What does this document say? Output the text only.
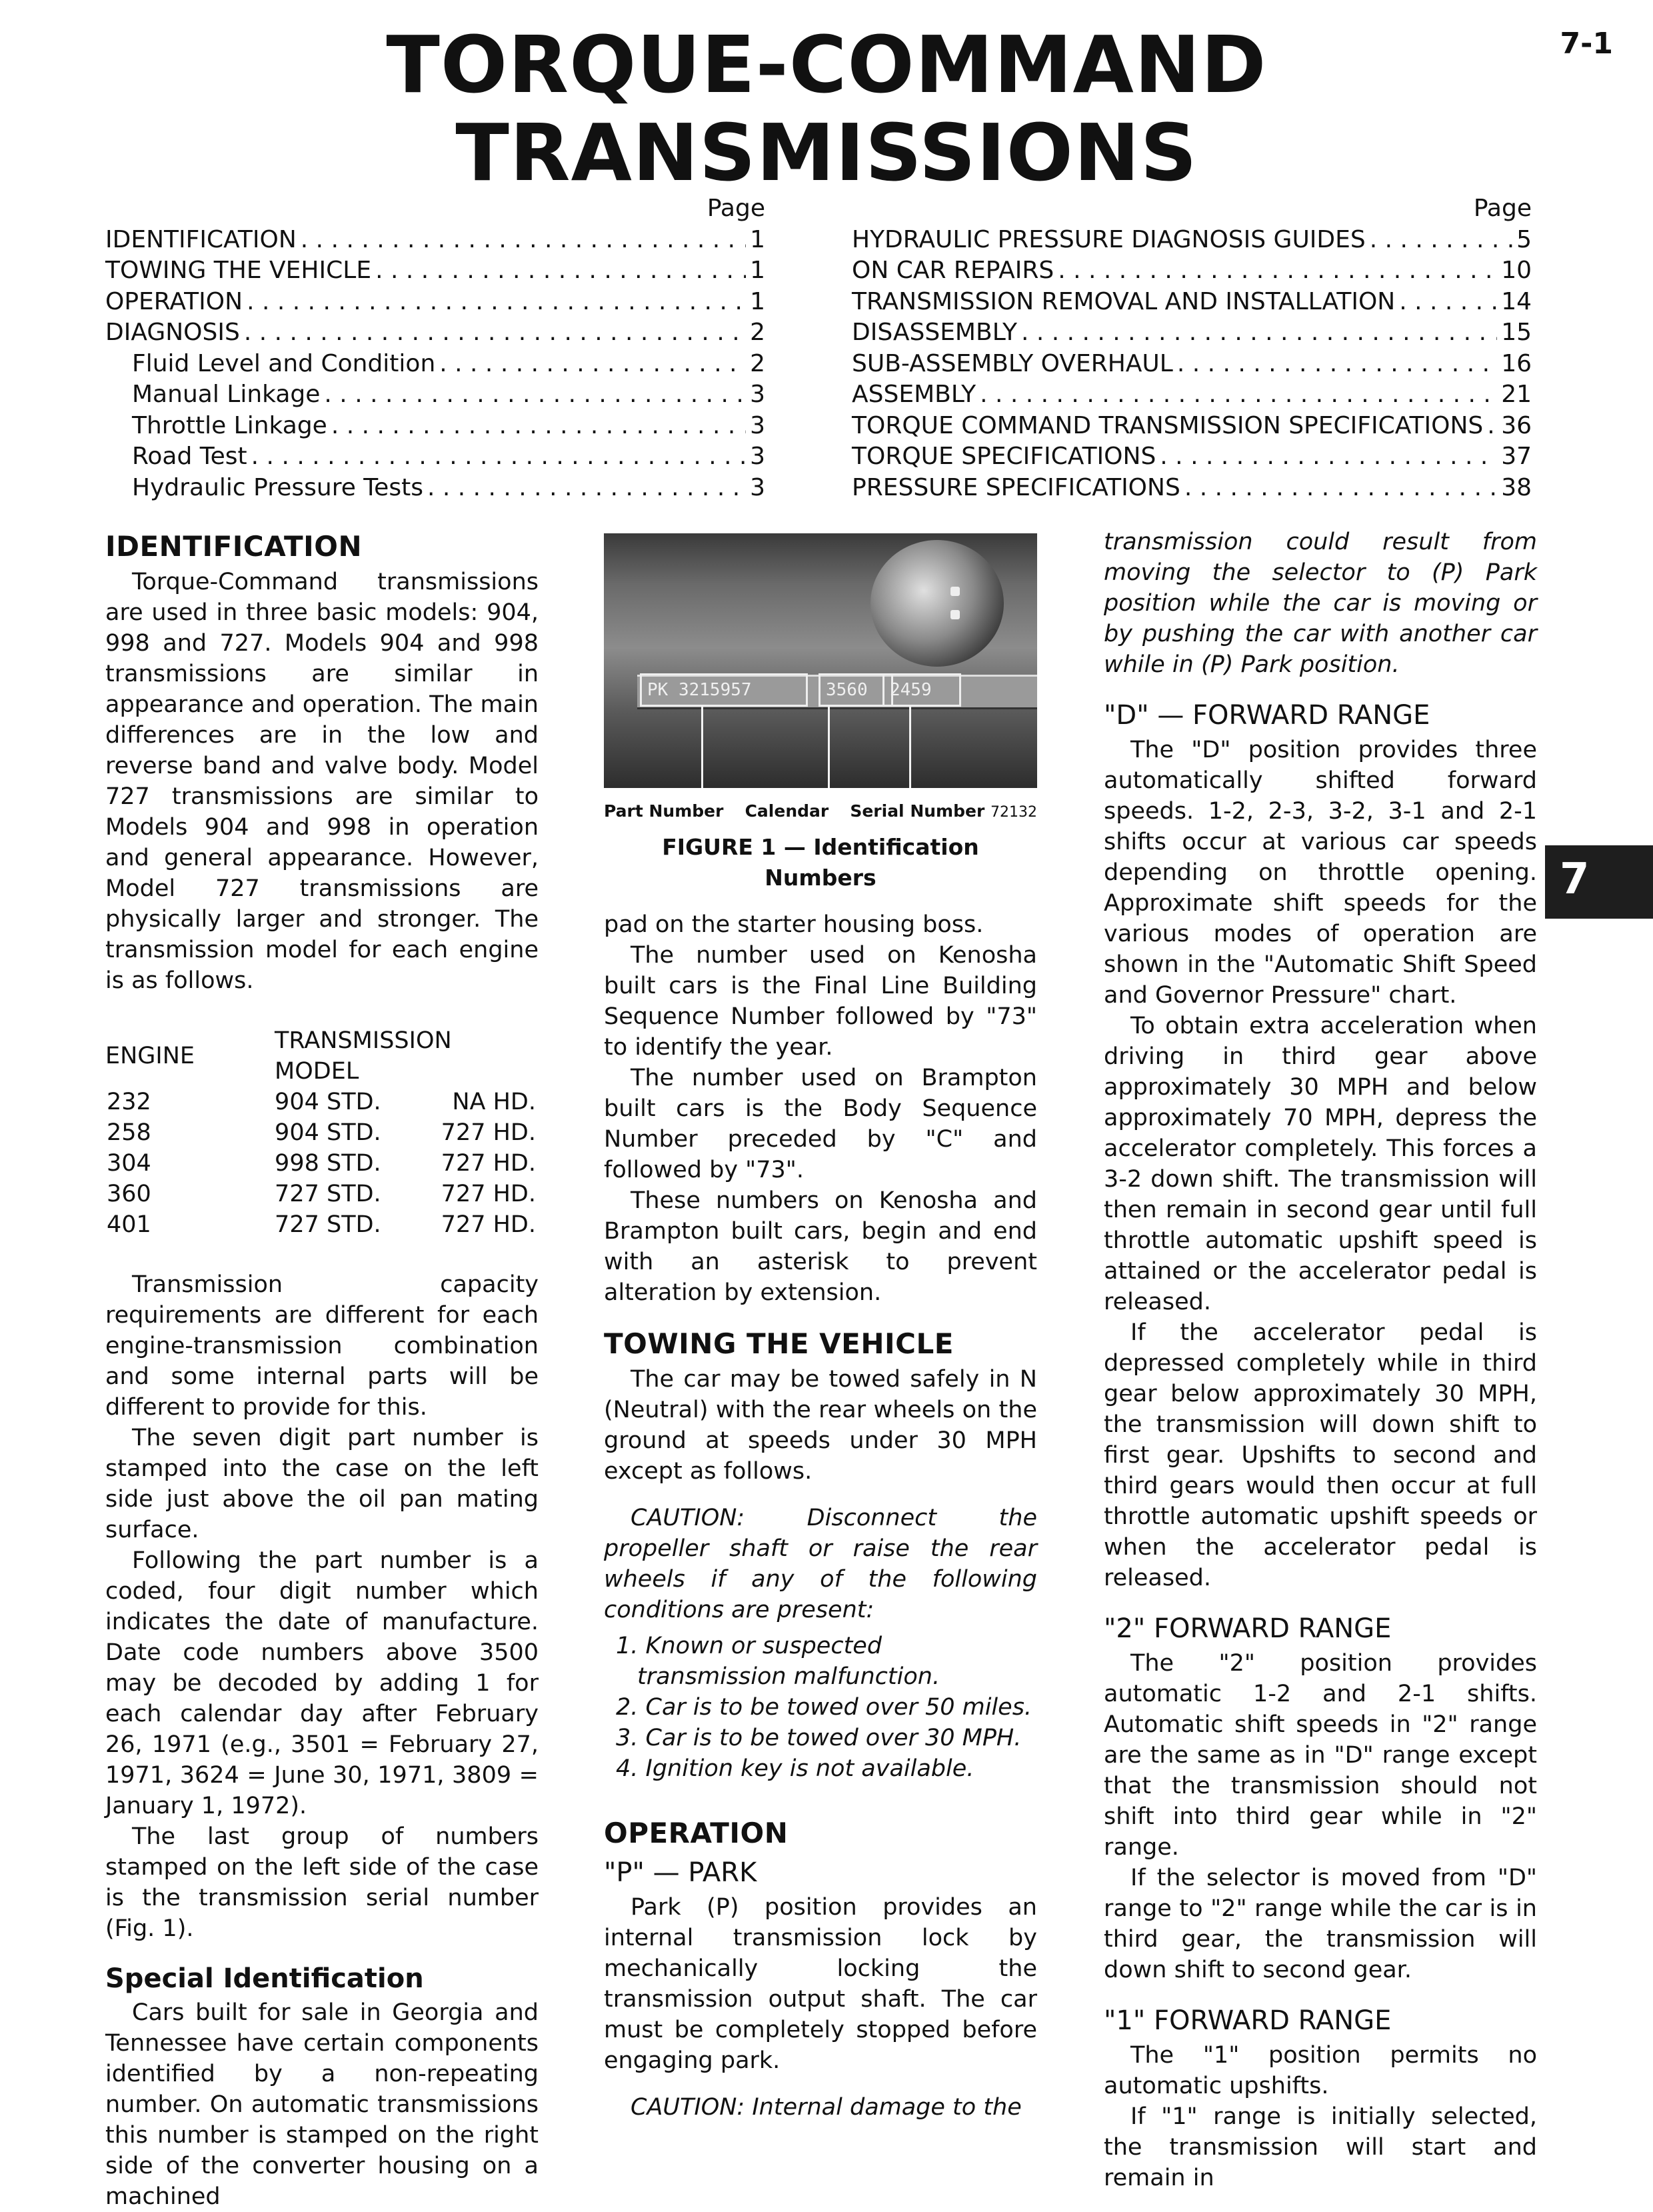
TORQUE-COMMAND
TRANSMISSIONS
7-1
Page
IDENTIFICATION . . .	1
TOWING THE VEHICLE . . .	1
OPERATION . . .	1
DIAGNOSIS . . .	2
Fluid Level and Condition . . .	2
Manual Linkage . . .	3
Throttle Linkage . . .	3
Road Test . . .	3
Hydraulic Pressure Tests . . .	3
Page
HYDRAULIC PRESSURE DIAGNOSIS GUIDES . . .	5
ON CAR REPAIRS . . .	10
TRANSMISSION REMOVAL AND INSTALLATION . . .	14
DISASSEMBLY . . .	15
SUB-ASSEMBLY OVERHAUL . . .	16
ASSEMBLY . . .	21
TORQUE COMMAND TRANSMISSION SPECIFICATIONS . . . 36
TORQUE SPECIFICATIONS . . .	37
PRESSURE SPECIFICATIONS . . .	38
IDENTIFICATION

Torque-Command transmissions are used in three basic models: 904, 998 and 727. Models 904 and 998 transmissions are similar in appearance and operation. The main differences are in the low and reverse band and valve body. Model 727 transmissions are similar to Models 904 and 998 in operation and general appearance. However, Model 727 transmissions are physically larger and stronger. The transmission model for each engine is as follows.

ENGINE	TRANSMISSION MODEL	
232	904 STD.	NA HD.
258	904 STD.	727 HD.
304	998 STD.	727 HD.
360	727 STD.	727 HD.
401	727 STD.	727 HD.

Transmission capacity requirements are different for each engine-transmission combination and some internal parts will be different to provide for this.

The seven digit part number is stamped into the case on the left side just above the oil pan mating surface.

Following the part number is a coded, four digit number which indicates the date of manufacture. Date code numbers above 3500 may be decoded by adding 1 for each calendar day after February 26, 1971 (e.g., 3501 = February 27, 1971, 3624 = June 30, 1971, 3809 = January 1, 1972).

The last group of numbers stamped on the left side of the case is the transmission serial number (Fig. 1).

Special Identification

Cars built for sale in Georgia and Tennessee have certain components identified by a non-repeating number. On automatic transmissions this number is stamped on the right side of the converter housing on a machined

PK 3215957	3560	2459
Part Number Calendar Serial Number 72132
FIGURE 1 — Identification Numbers

pad on the starter housing boss.

The number used on Kenosha built cars is the Final Line Building Sequence Number followed by "73" to identify the year.

The number used on Brampton built cars is the Body Sequence Number preceded by "C" and followed by "73".

These numbers on Kenosha and Brampton built cars, begin and end with an asterisk to prevent alteration by extension.

TOWING THE VEHICLE

The car may be towed safely in N (Neutral) with the rear wheels on the ground at speeds under 30 MPH except as follows.

CAUTION: Disconnect the propeller shaft or raise the rear wheels if any of the following conditions are present:

1. Known or suspected transmission malfunction.
2. Car is to be towed over 50 miles.
3. Car is to be towed over 30 MPH.
4. Ignition key is not available.
OPERATION
"P" — PARK

Park (P) position provides an internal transmission lock by mechanically locking the transmission output shaft. The car must be completely stopped before engaging park.

CAUTION: Internal damage to the

transmission could result from moving the selector to (P) Park position while the car is moving or by pushing the car with another car while in (P) Park position.

"D" — FORWARD RANGE

The "D" position provides three automatically shifted forward speeds. 1-2, 2-3, 3-2, 3-1 and 2-1 shifts occur at various car speeds depending on throttle opening. Approximate shift speeds for the various modes of operation are shown in the "Automatic Shift Speed and Governor Pressure" chart.

To obtain extra acceleration when driving in third gear above approximately 30 MPH and below approximately 70 MPH, depress the accelerator completely. This forces a 3-2 down shift. The transmission will then remain in second gear until full throttle automatic upshift speed is attained or the accelerator pedal is released.

If the accelerator pedal is depressed completely while in third gear below approximately 30 MPH, the transmission will down shift to first gear. Upshifts to second and third gears would then occur at full throttle automatic upshift speeds or when the accelerator pedal is released.

"2" FORWARD RANGE

The "2" position provides automatic 1-2 and 2-1 shifts. Automatic shift speeds in "2" range are the same as in "D" range except that the transmission should not shift into third gear while in "2" range.

If the selector is moved from "D" range to "2" range while the car is in third gear, the transmission will down shift to second gear.

"1" FORWARD RANGE

The "1" position permits no automatic upshifts.

If "1" range is initially selected, the transmission will start and remain in

7
